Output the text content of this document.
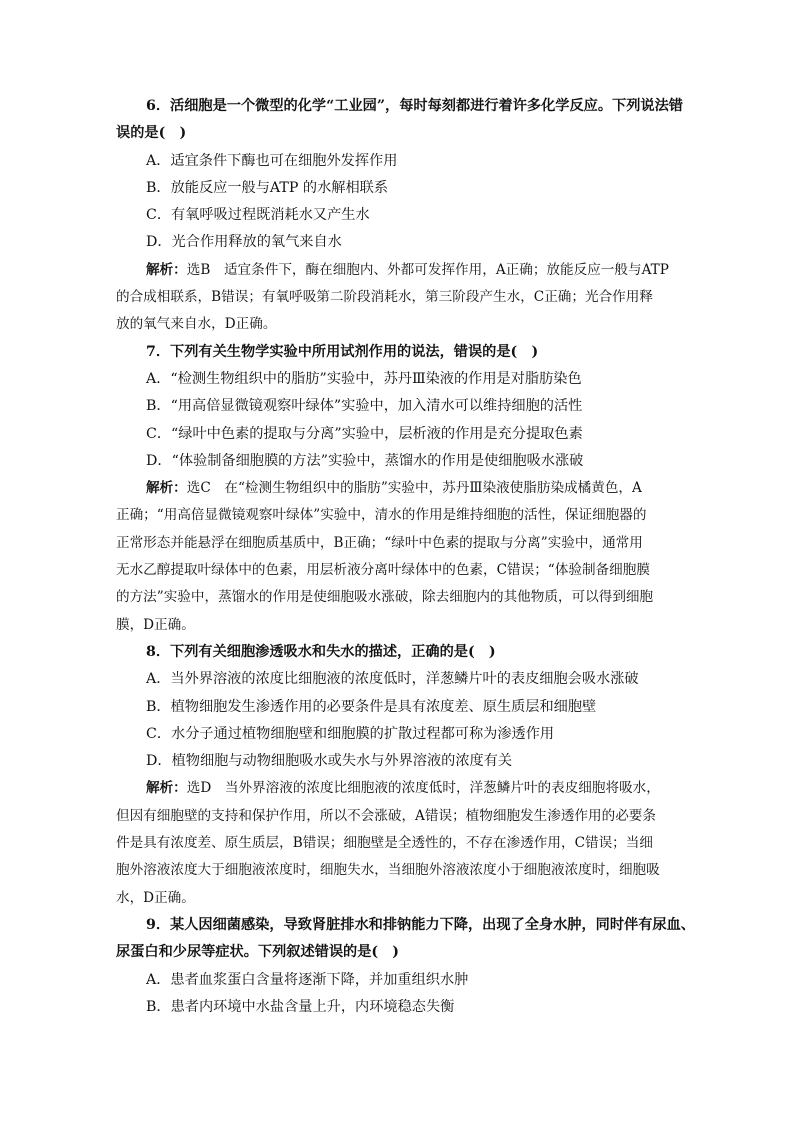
6．活细胞是一个微型的化学“工业园”，每时每刻都进行着许多化学反应。下列说法错
误的是(　)
A．适宜条件下酶也可在细胞外发挥作用
B．放能反应一般与ATP 的水解相联系
C．有氧呼吸过程既消耗水又产生水
D．光合作用释放的氧气来自水
解析：选B　适宜条件下，酶在细胞内、外都可发挥作用，A正确；放能反应一般与ATP
的合成相联系，B错误；有氧呼吸第二阶段消耗水，第三阶段产生水，C正确；光合作用释
放的氧气来自水，D正确。
7．下列有关生物学实验中所用试剂作用的说法，错误的是(　)
A．“检测生物组织中的脂肪”实验中，苏丹Ⅲ染液的作用是对脂肪染色
B．“用高倍显微镜观察叶绿体”实验中，加入清水可以维持细胞的活性
C．“绿叶中色素的提取与分离”实验中，层析液的作用是充分提取色素
D．“体验制备细胞膜的方法”实验中，蒸馏水的作用是使细胞吸水涨破
解析：选C　在“检测生物组织中的脂肪”实验中，苏丹Ⅲ染液使脂肪染成橘黄色，A
正确；“用高倍显微镜观察叶绿体”实验中，清水的作用是维持细胞的活性，保证细胞器的
正常形态并能悬浮在细胞质基质中，B正确；“绿叶中色素的提取与分离”实验中，通常用
无水乙醇提取叶绿体中的色素，用层析液分离叶绿体中的色素，C错误；“体验制备细胞膜
的方法”实验中，蒸馏水的作用是使细胞吸水涨破，除去细胞内的其他物质，可以得到细胞
膜，D正确。
8．下列有关细胞渗透吸水和失水的描述，正确的是(　)
A．当外界溶液的浓度比细胞液的浓度低时，洋葱鳞片叶的表皮细胞会吸水涨破
B．植物细胞发生渗透作用的必要条件是具有浓度差、原生质层和细胞壁
C．水分子通过植物细胞壁和细胞膜的扩散过程都可称为渗透作用
D．植物细胞与动物细胞吸水或失水与外界溶液的浓度有关
解析：选D　当外界溶液的浓度比细胞液的浓度低时，洋葱鳞片叶的表皮细胞将吸水，
但因有细胞壁的支持和保护作用，所以不会涨破，A错误；植物细胞发生渗透作用的必要条
件是具有浓度差、原生质层，B错误；细胞壁是全透性的，不存在渗透作用，C错误；当细
胞外溶液浓度大于细胞液浓度时，细胞失水，当细胞外溶液浓度小于细胞液浓度时，细胞吸
水，D正确。
9．某人因细菌感染，导致肾脏排水和排钠能力下降，出现了全身水肿，同时伴有尿血、
尿蛋白和少尿等症状。下列叙述错误的是(　)
A．患者血浆蛋白含量将逐渐下降，并加重组织水肿
B．患者内环境中水盐含量上升，内环境稳态失衡
